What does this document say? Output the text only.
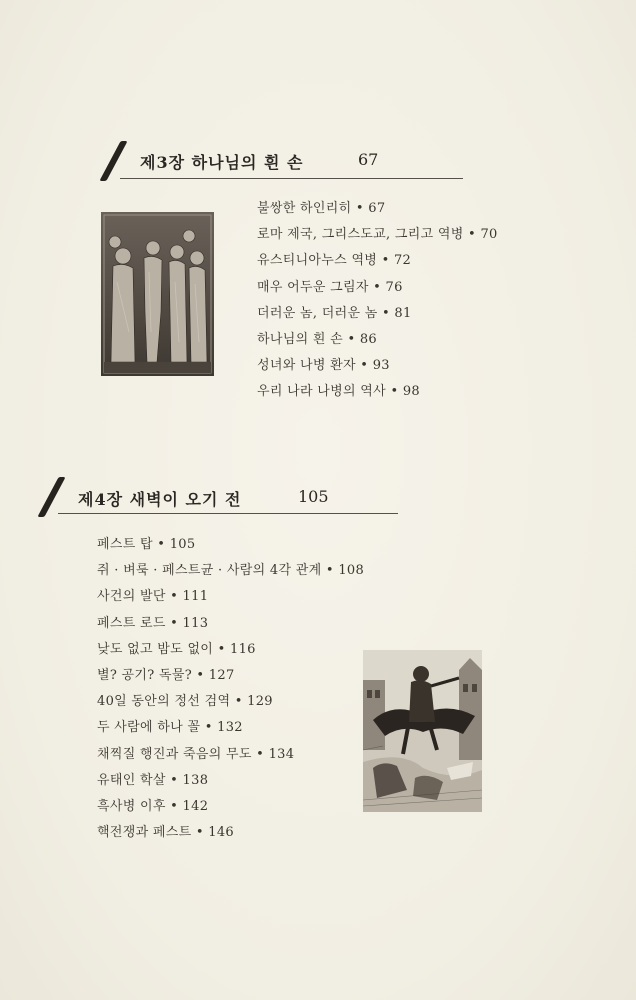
제3장 하나님의 흰 손	67
불쌍한 하인리히 • 67
로마 제국, 그리스도교, 그리고 역병 • 70
유스티니아누스 역병 • 72
매우 어두운 그림자 • 76
더러운 놈, 더러운 놈 • 81
하나님의 흰 손 • 86
성녀와 나병 환자 • 93
우리 나라 나병의 역사 • 98
제4장 새벽이 오기 전	105
페스트 탑 • 105
쥐 · 벼룩 · 페스트균 · 사람의 4각 관계 • 108
사건의 발단 • 111
페스트 로드 • 113
낮도 없고 밤도 없이 • 116
별? 공기? 독물? • 127
40일 동안의 정선 검역 • 129
두 사람에 하나 꼴 • 132
채찍질 행진과 죽음의 무도 • 134
유태인 학살 • 138
흑사병 이후 • 142
핵전쟁과 페스트 • 146
